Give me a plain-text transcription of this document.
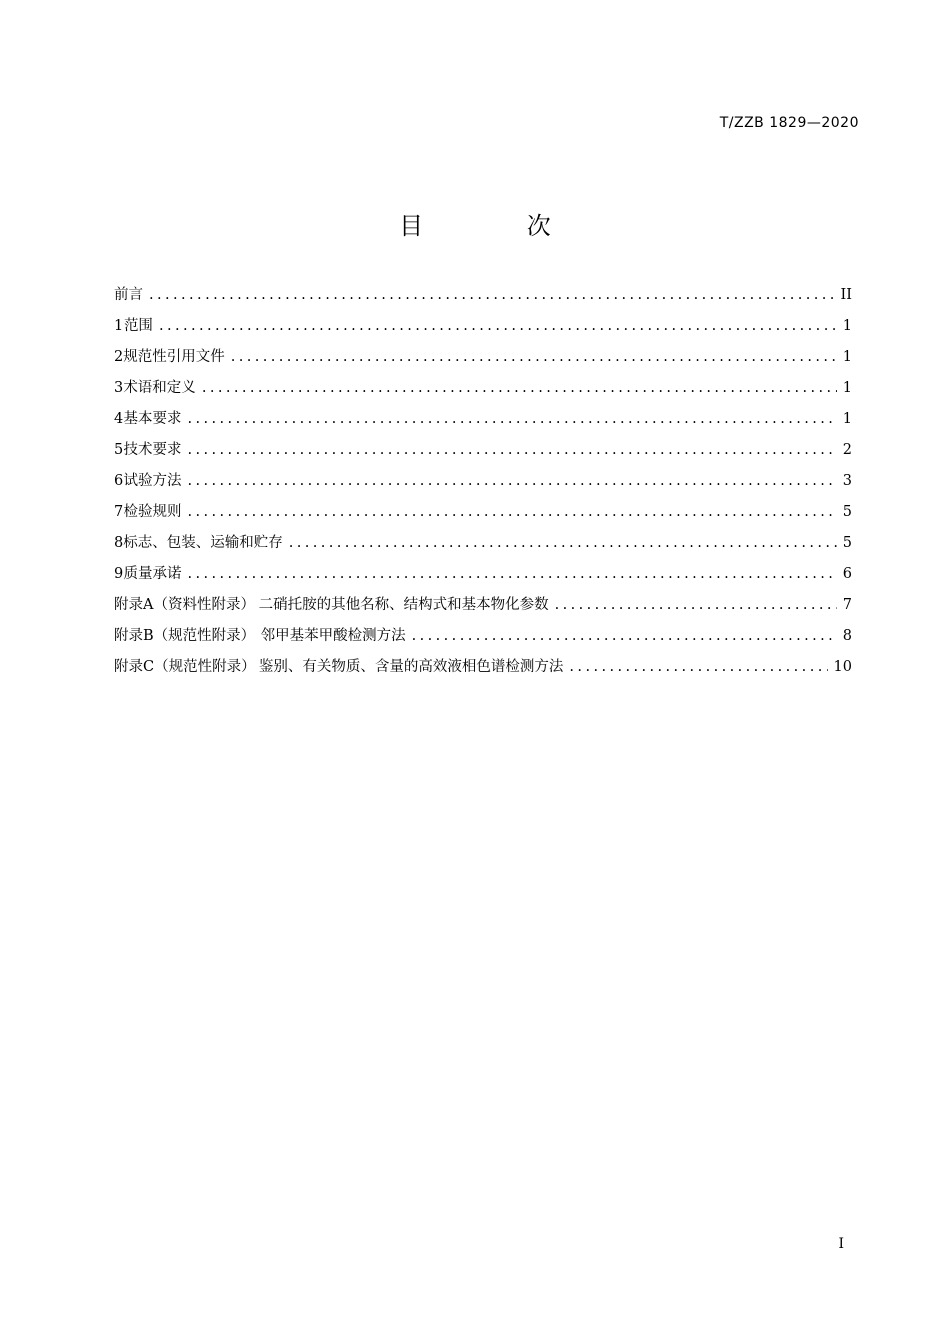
T/ZZB 1829—2020
目 次
前言 .....	II
1 范围 .....	1
2 规范性引用文件 .....	1
3 术语和定义 .....	1
4 基本要求 .....	1
5 技术要求 .....	2
6 试验方法 .....	3
7 检验规则 .....	5
8 标志、包装、运输和贮存 .....	5
9 质量承诺 .....	6
附录A（资料性附录） 二硝托胺的其他名称、结构式和基本物化参数 .....	7
附录B（规范性附录） 邻甲基苯甲酸检测方法 .....	8
附录C（规范性附录） 鉴别、有关物质、含量的高效液相色谱检测方法 .....	10
I
